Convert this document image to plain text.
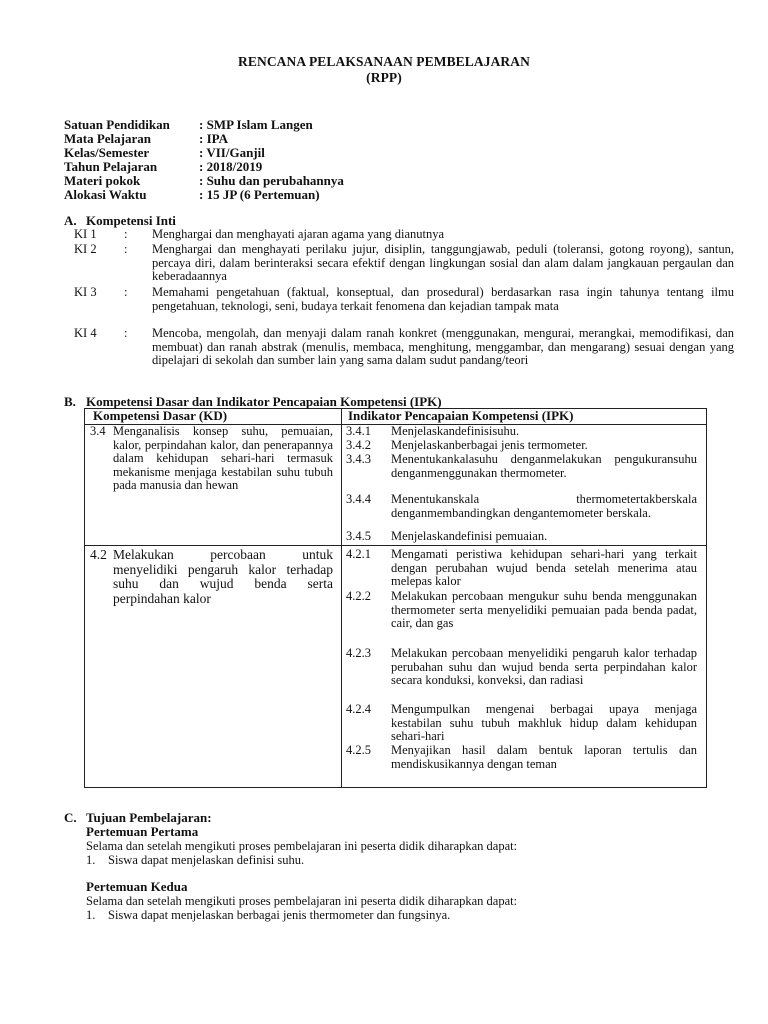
RENCANA PELAKSANAAN PEMBELAJARAN
(RPP)
Satuan Pendidikan	: SMP Islam Langen
Mata Pelajaran	: IPA
Kelas/Semester	: VII/Ganjil
Tahun Pelajaran	: 2018/2019
Materi pokok	: Suhu dan perubahannya
Alokasi Waktu	: 15 JP (6 Pertemuan)
A. Kompetensi Inti
KI 1 : Menghargai dan menghayati ajaran agama yang dianutnya
KI 2 : Menghargai dan menghayati perilaku jujur, disiplin, tanggungjawab, peduli (toleransi, gotong royong), santun, percaya diri, dalam berinteraksi secara efektif dengan lingkungan sosial dan alam dalam jangkauan pergaulan dan keberadaannya
KI 3 : Memahami pengetahuan (faktual, konseptual, dan prosedural) berdasarkan rasa ingin tahunya tentang ilmu pengetahuan, teknologi, seni, budaya terkait fenomena dan kejadian tampak mata
KI 4 : Mencoba, mengolah, dan menyaji dalam ranah konkret (menggunakan, mengurai, merangkai, memodifikasi, dan membuat) dan ranah abstrak (menulis, membaca, menghitung, menggambar, dan mengarang) sesuai dengan yang dipelajari di sekolah dan sumber lain yang sama dalam sudut pandang/teori
B. Kompetensi Dasar dan Indikator Pencapaian Kompetensi (IPK)
Kompetensi Dasar (KD)	Indikator Pencapaian Kompetensi (IPK)
3.4 Menganalisis konsep suhu, pemuaian, kalor, perpindahan kalor, dan penerapannya dalam kehidupan sehari-hari termasuk mekanisme menjaga kestabilan suhu tubuh pada manusia dan hewan
3.4.1 Menjelaskandefinisisuhu.
3.4.2 Menjelaskanberbagai jenis termometer.
3.4.3 Menentukankalasuhu denganmelakukan pengukuransuhu denganmenggunakan thermometer.
3.4.4 Menentukanskala thermometertakberskala denganmembandingkan dengantemometer berskala.
3.4.5 Menjelaskandefinisi pemuaian.
4.2 Melakukan percobaan untuk menyelidiki pengaruh kalor terhadap suhu dan wujud benda serta perpindahan kalor
4.2.1 Mengamati peristiwa kehidupan sehari-hari yang terkait dengan perubahan wujud benda setelah menerima atau melepas kalor
4.2.2 Melakukan percobaan mengukur suhu benda menggunakan thermometer serta menyelidiki pemuaian pada benda padat, cair, dan gas
4.2.3 Melakukan percobaan menyelidiki pengaruh kalor terhadap perubahan suhu dan wujud benda serta perpindahan kalor secara konduksi, konveksi, dan radiasi
4.2.4 Mengumpulkan mengenai berbagai upaya menjaga kestabilan suhu tubuh makhluk hidup dalam kehidupan sehari-hari
4.2.5 Menyajikan hasil dalam bentuk laporan tertulis dan mendiskusikannya dengan teman
C. Tujuan Pembelajaran:
Pertemuan Pertama
Selama dan setelah mengikuti proses pembelajaran ini peserta didik diharapkan dapat:
1. Siswa dapat menjelaskan definisi suhu.
Pertemuan Kedua
Selama dan setelah mengikuti proses pembelajaran ini peserta didik diharapkan dapat:
1. Siswa dapat menjelaskan berbagai jenis thermometer dan fungsinya.
